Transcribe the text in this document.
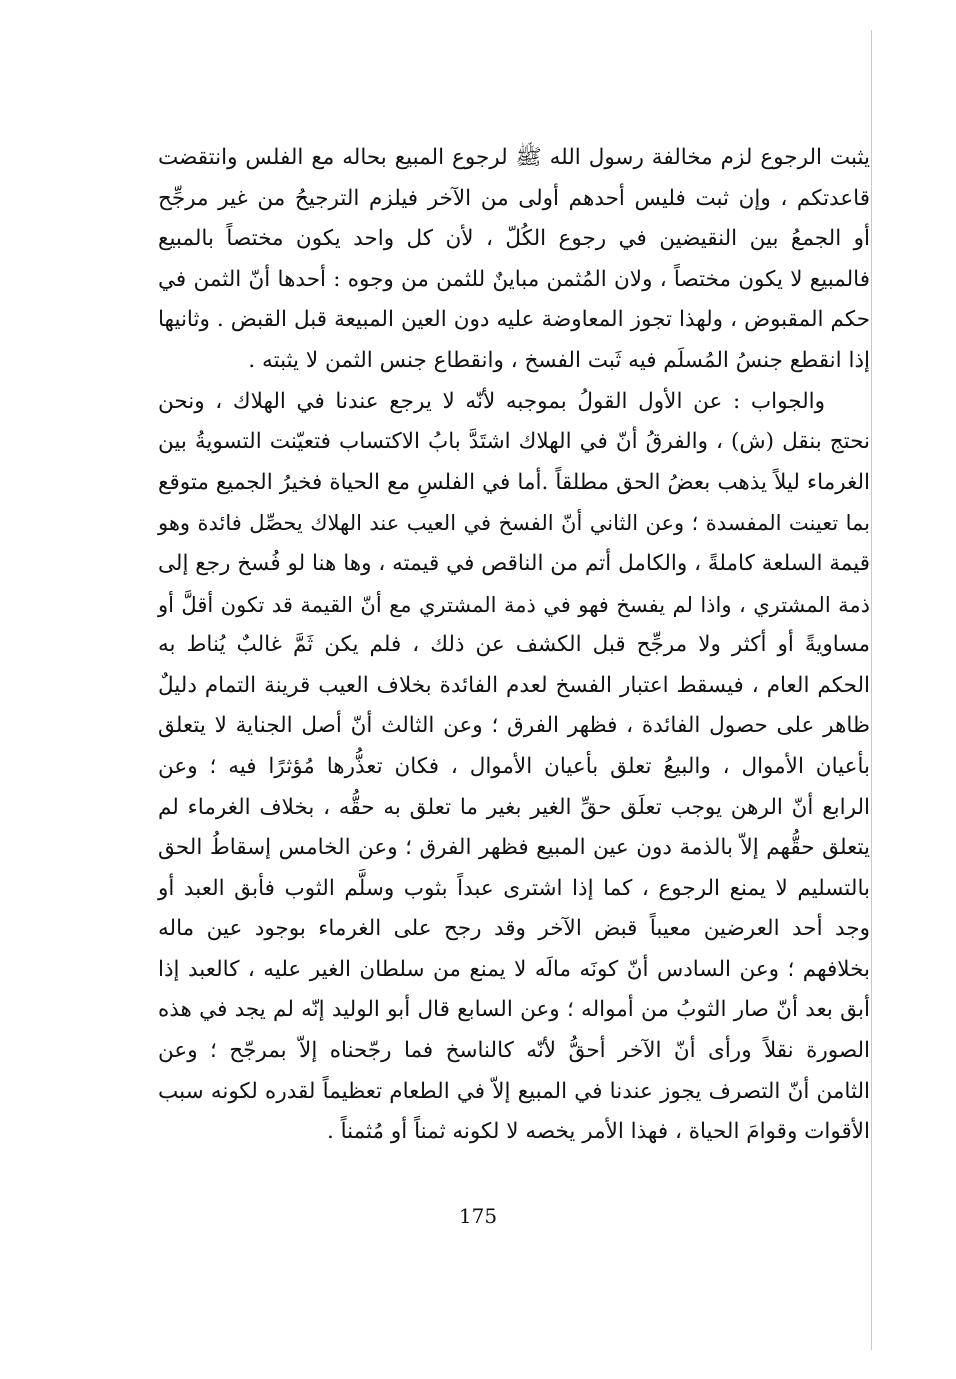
يثبت الرجوع لزم مخالفة رسول الله ﷺ لرجوع المبيع بحاله مع الفلس وانتقضت
قاعدتكم ، وإن ثبت فليس أحدهم أولى من الآخر فيلزم الترجيحُ من غير مرجِّح
أو الجمعُ بين النقيضين في رجوع الكُلّ ، لأن كل واحد يكون مختصاً بالمبيع
فالمبيع لا يكون مختصاً ، ولان المُثمن مباينٌ للثمن من وجوه : أحدها أنّ الثمن في
حكم المقبوض ، ولهذا تجوز المعاوضة عليه دون العين المبيعة قبل القبض . وثانيها
إذا انقطع جنسُ المُسلَم فيه ثَبت الفسخ ، وانقطاع جنس الثمن لا يثبته .

والجواب : عن الأول القولُ بموجبه لأنّه لا يرجع عندنا في الهلاك ، ونحن
نحتج بنقل (ش) ، والفرقُ أنّ في الهلاك اشتَدَّ بابُ الاكتساب فتعيّنت التسويةُ بين
الغرماء ليلاً يذهب بعضُ الحق مطلقاً .أما في الفلسِ مع الحياة فخيرُ الجميع متوقع
بما تعينت المفسدة ؛ وعن الثاني أنّ الفسخ في العيب عند الهلاك يحصِّل فائدة وهو
قيمة السلعة كاملةً ، والكامل أتم من الناقص في قيمته ، وها هنا لو فُسخ رجع إلى
ذمة المشتري ، واذا لم يفسخ فهو في ذمة المشتري مع أنّ القيمة قد تكون أقلَّ أو
مساويةً أو أكثر ولا مرجِّح قبل الكشف عن ذلك ، فلم يكن ثَمَّ غالبٌ يُناط به
الحكم العام ، فيسقط اعتبار الفسخ لعدم الفائدة بخلاف العيب قرينة التمام دليلٌ
ظاهر على حصول الفائدة ، فظهر الفرق ؛ وعن الثالث أنّ أصل الجناية لا يتعلق
بأعيان الأموال ، والبيعُ تعلق بأعيان الأموال ، فكان تعذُّرها مُؤثرًا فيه ؛ وعن
الرابع أنّ الرهن يوجب تعلَق حقِّ الغير بغير ما تعلق به حقُّه ، بخلاف الغرماء لم
يتعلق حقُّهم إلاّ بالذمة دون عين المبيع فظهر الفرق ؛ وعن الخامس إسقاطُ الحق
بالتسليم لا يمنع الرجوع ، كما إذا اشترى عبداً بثوب وسلَّم الثوب فأبق العبد أو
وجد أحد العرضين معيباً قبض الآخر وقد رجح على الغرماء بوجود عين ماله
بخلافهم ؛ وعن السادس أنّ كونَه مالَه لا يمنع من سلطان الغير عليه ، كالعبد إذا
أبق بعد أنّ صار الثوبُ من أمواله ؛ وعن السابع قال أبو الوليد إنّه لم يجد في هذه
الصورة نقلاً ورأى أنّ الآخر أحقُّ لأنّه كالناسخ فما رجّحناه إلاّ بمرجّح ؛ وعن
الثامن أنّ التصرف يجوز عندنا في المبيع إلاّ في الطعام تعظيماً لقدره لكونه سبب
الأقوات وقوامَ الحياة ، فهذا الأمر يخصه لا لكونه ثمناً أو مُثمناً .

175
